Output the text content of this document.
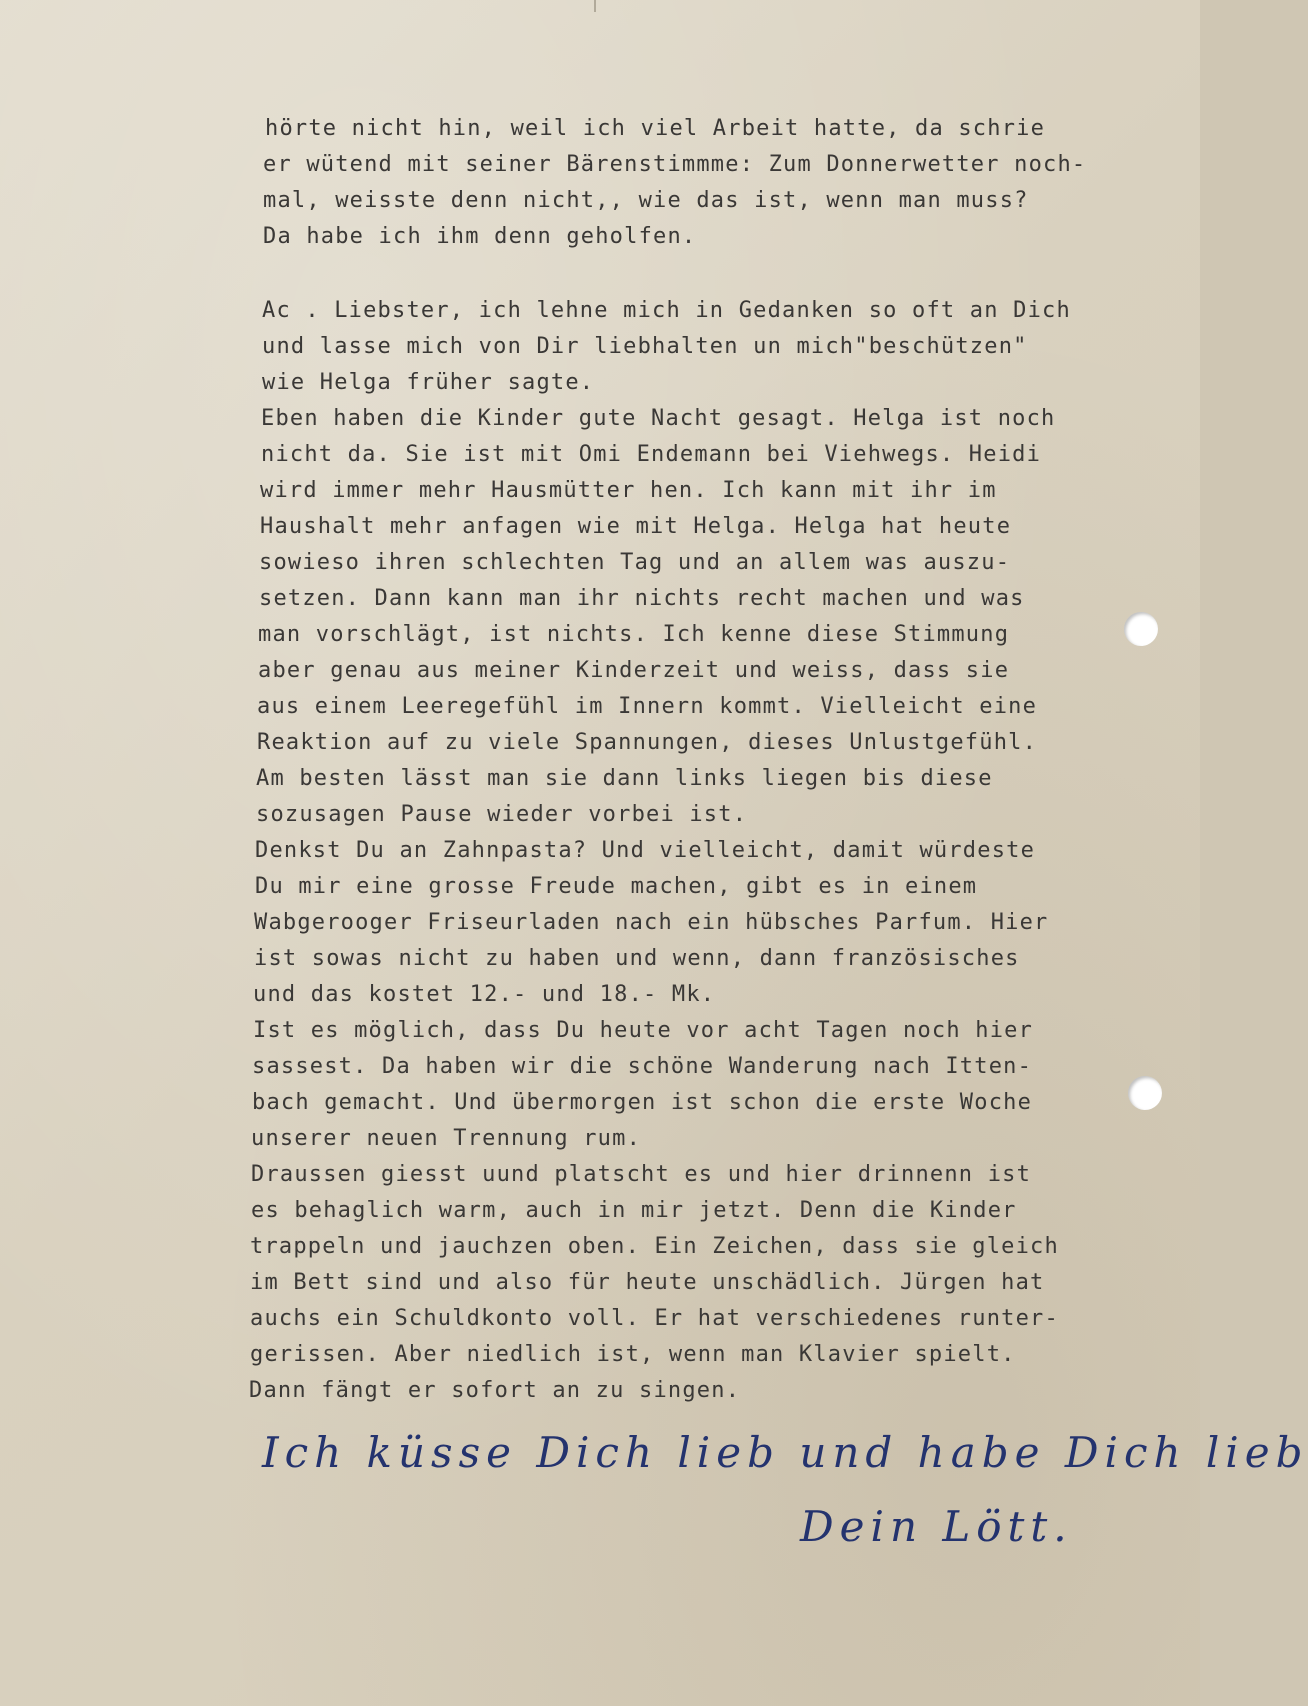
hörte nicht hin, weil ich viel Arbeit hatte, da schrie
er wütend mit seiner Bärenstimmme: Zum Donnerwetter noch-
mal, weisste denn nicht,, wie das ist, wenn man muss?
Da habe ich ihm denn geholfen.
Ac . Liebster, ich lehne mich in Gedanken so oft an Dich
und lasse mich von Dir liebhalten un mich"beschützen"
wie Helga früher sagte.
Eben haben die Kinder gute Nacht gesagt. Helga ist noch
nicht da. Sie ist mit Omi Endemann bei Viehwegs. Heidi
wird immer mehr Hausmütter hen. Ich kann mit ihr im
Haushalt mehr anfagen wie mit Helga. Helga hat heute
sowieso ihren schlechten Tag und an allem was auszu-
setzen. Dann kann man ihr nichts recht machen und was
man vorschlägt, ist nichts. Ich kenne diese Stimmung
aber genau aus meiner Kinderzeit und weiss, dass sie
aus einem Leeregefühl im Innern kommt. Vielleicht eine
Reaktion auf zu viele Spannungen, dieses Unlustgefühl.
Am besten lässt man sie dann links liegen bis diese
sozusagen Pause wieder vorbei ist.
Denkst Du an Zahnpasta? Und vielleicht, damit würdeste
Du mir eine grosse Freude machen, gibt es in einem
Wabgerooger Friseurladen nach ein hübsches Parfum. Hier
ist sowas nicht zu haben und wenn, dann französisches
und das kostet 12.- und 18.- Mk.
Ist es möglich, dass Du heute vor acht Tagen noch hier
sassest. Da haben wir die schöne Wanderung nach Itten-
bach gemacht. Und übermorgen ist schon die erste Woche
unserer neuen Trennung rum.
Draussen giesst uund platscht es und hier drinnenn ist
es behaglich warm, auch in mir jetzt. Denn die Kinder
trappeln und jauchzen oben. Ein Zeichen, dass sie gleich
im Bett sind und also für heute unschädlich. Jürgen hat
auchs ein Schuldkonto voll. Er hat verschiedenes runter-
gerissen. Aber niedlich ist, wenn man Klavier spielt.
Dann fängt er sofort an zu singen.
Ich küsse Dich lieb und habe Dich lieb
Dein Lött.
